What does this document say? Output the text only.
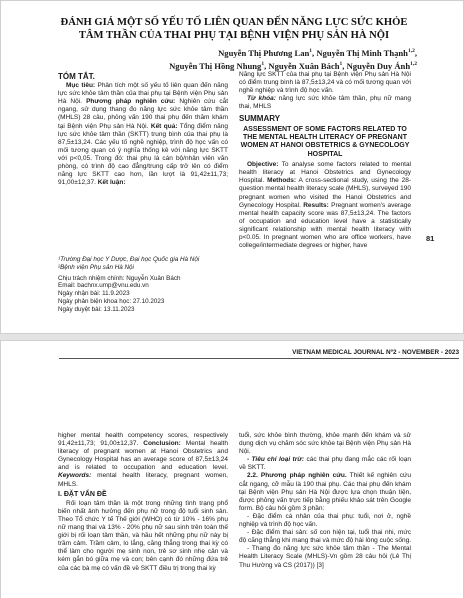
ĐÁNH GIÁ MỘT SỐ YẾU TỐ LIÊN QUAN ĐẾN NĂNG LỰC SỨC KHỎE
TÂM THẦN CỦA THAI PHỤ TẠI BỆNH VIỆN PHỤ SẢN HÀ NỘI
Nguyễn Thị Phương Lan$^1$, Nguyễn Thị Minh Thạnh$^{1,2}$,
Nguyễn Thị Hồng Nhung$^1$, Nguyễn Xuân Bách$^1$, Nguyễn Duy Ánh$^{1,2}$
TÓM TẮT.

Mục tiêu: Phân tích một số yếu tố liên quan đến năng lực sức khỏe tâm thần của thai phụ tại Bệnh viện Phụ sản Hà Nội. Phương pháp nghiên cứu: Nghiên cứu cắt ngang, sử dụng thang đo năng lực sức khỏe tâm thần (MHLS) 28 câu, phỏng vấn 190 thai phụ đến thăm khám tại Bệnh viện Phụ sản Hà Nội. Kết quả: Tổng điểm năng lực sức khỏe tâm thần (SKTT) trung bình của thai phụ là 87,5±13,24. Các yếu tố nghề nghiệp, trình độ học vấn có mối tương quan có ý nghĩa thống kê với năng lực SKTT với p<0,05. Trong đó: thai phụ là cán bộ/nhân viên văn phòng, có trình độ cao đẳng/trung cấp trở lên có điểm năng lực SKTT cao hơn, lần lượt là 91,42±11,73; 91,00±12,37. Kết luận:

¹Trường Đại học Y Dược, Đại học Quốc gia Hà Nội
²Bệnh viện Phụ sản Hà Nội
Chịu trách nhiệm chính: Nguyễn Xuân Bách
Email: bachnx.ump@vnu.edu.vn
Ngày nhận bài: 11.9.2023
Ngày phản biện khoa học: 27.10.2023
Ngày duyệt bài: 13.11.2023

Năng lực SKTT của thai phụ tại Bệnh viện Phụ sản Hà Nội có điểm trung bình là 87,5±13,24 và có mối tương quan với nghề nghiệp và trình độ học vấn.

Từ khóa: năng lực sức khỏe tâm thần, phụ nữ mang thai, MHLS

SUMMARY
ASSESSMENT OF SOME FACTORS RELATED TO THE MENTAL HEALTH LITERACY OF PREGNANT WOMEN AT HANOI OBSTETRICS & GYNECOLOGY HOSPITAL

Objective: To analyse some factors related to mental health literacy at Hanoi Obstetrics and Gynecology Hospital. Methods: A cross-sectional study, using the 28-question mental health literacy scale (MHLS), surveyed 190 pregnant women who visited the Hanoi Obstetrics and Gynecology Hospital. Results: Pregnant women's average mental health capacity score was 87,5±13,24. The factors of occupation and education level have a statistically significant relationship with mental health literacy with p<0.05. In pregnant women who are office workers, have college/intermediate degrees or higher, have

81
VIETNAM MEDICAL JOURNAL Nº2 - NOVEMBER - 2023

higher mental health competency scores, respectively 91,42±11,73; 91,00±12,37. Conclusion: Mental health literacy of pregnant women at Hanoi Obstetrics and Gynecology Hospital has an average score of 87,5±13,24 and is related to occupation and education level. Keywords: mental health literacy, pregnant women, MHLS.

I. ĐẶT VẤN ĐỀ

Rối loạn tâm thần là một trong những tình trạng phổ biến nhất ảnh hưởng đến phụ nữ trong độ tuổi sinh sản. Theo Tổ chức Y tế Thế giới (WHO) có từ 10% - 16% phụ nữ mang thai và 13% - 20% phụ nữ sau sinh trên toàn thế giới bị rối loạn tâm thần, và hầu hết những phụ nữ này bị trầm cảm. Trầm cảm, lo lắng, căng thẳng trong thai kỳ có thể làm cho người mẹ sinh non, trẻ sơ sinh nhẹ cân và kém gắn bó giữa mẹ và con; bên cạnh đó những đứa trẻ của các bà mẹ có vấn đề về SKTT điều trị trong thai kỳ

tuổi, sức khỏe bình thường, khỏe mạnh đến khám và sử dụng dịch vụ chăm sóc sức khỏe tại Bệnh viện Phụ sản Hà Nội.

- Tiêu chí loại trừ: các thai phụ đang mắc các rối loạn về SKTT.

2.2. Phương pháp nghiên cứu. Thiết kế nghiên cứu cắt ngang, cỡ mẫu là 190 thai phụ. Các thai phụ đến khám tại Bệnh viện Phụ sản Hà Nội được lựa chọn thuận tiện, được phỏng vấn trực tiếp bằng phiếu khảo sát trên Google form. Bộ câu hỏi gồm 3 phần:

- Đặc điểm cá nhân của thai phụ: tuổi, nơi ở, nghề nghiệp và trình độ học vấn.

- Đặc điểm thai sản: số con hiện tại, tuổi thai nhi, mức độ căng thẳng khi mang thai và mức độ hài lòng cuộc sống.

- Thang đo năng lực sức khỏe tâm thần - The Mental Health Literacy Scale (MHLS)-Vn gồm 28 câu hỏi (Lê Thị Thu Hường và CS (2017)) [3]
